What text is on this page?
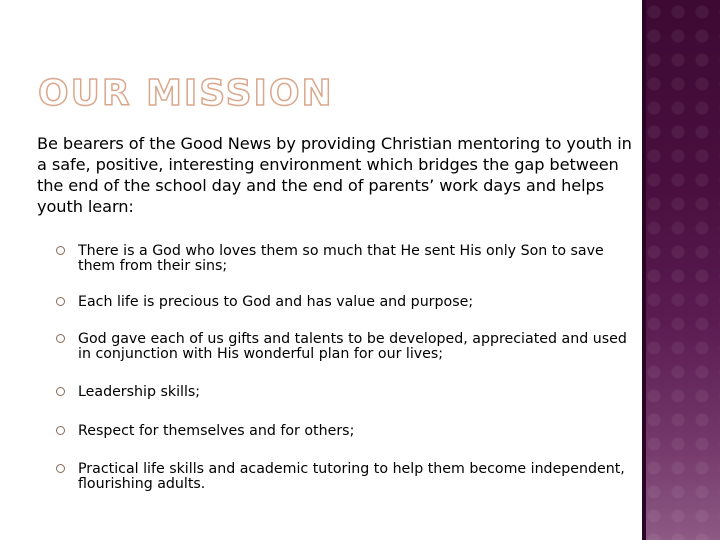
OUR MISSION

Be bearers of the Good News by providing Christian mentoring to youth in a safe, positive, interesting environment which bridges the gap between the end of the school day and the end of parents’ work days and helps youth learn:

There is a God who loves them so much that He sent His only Son to save them from their sins;
Each life is precious to God and has value and purpose;
God gave each of us gifts and talents to be developed, appreciated and used in conjunction with His wonderful plan for our lives;
Leadership skills;
Respect for themselves and for others;
Practical life skills and academic tutoring to help them become independent, flourishing adults.
